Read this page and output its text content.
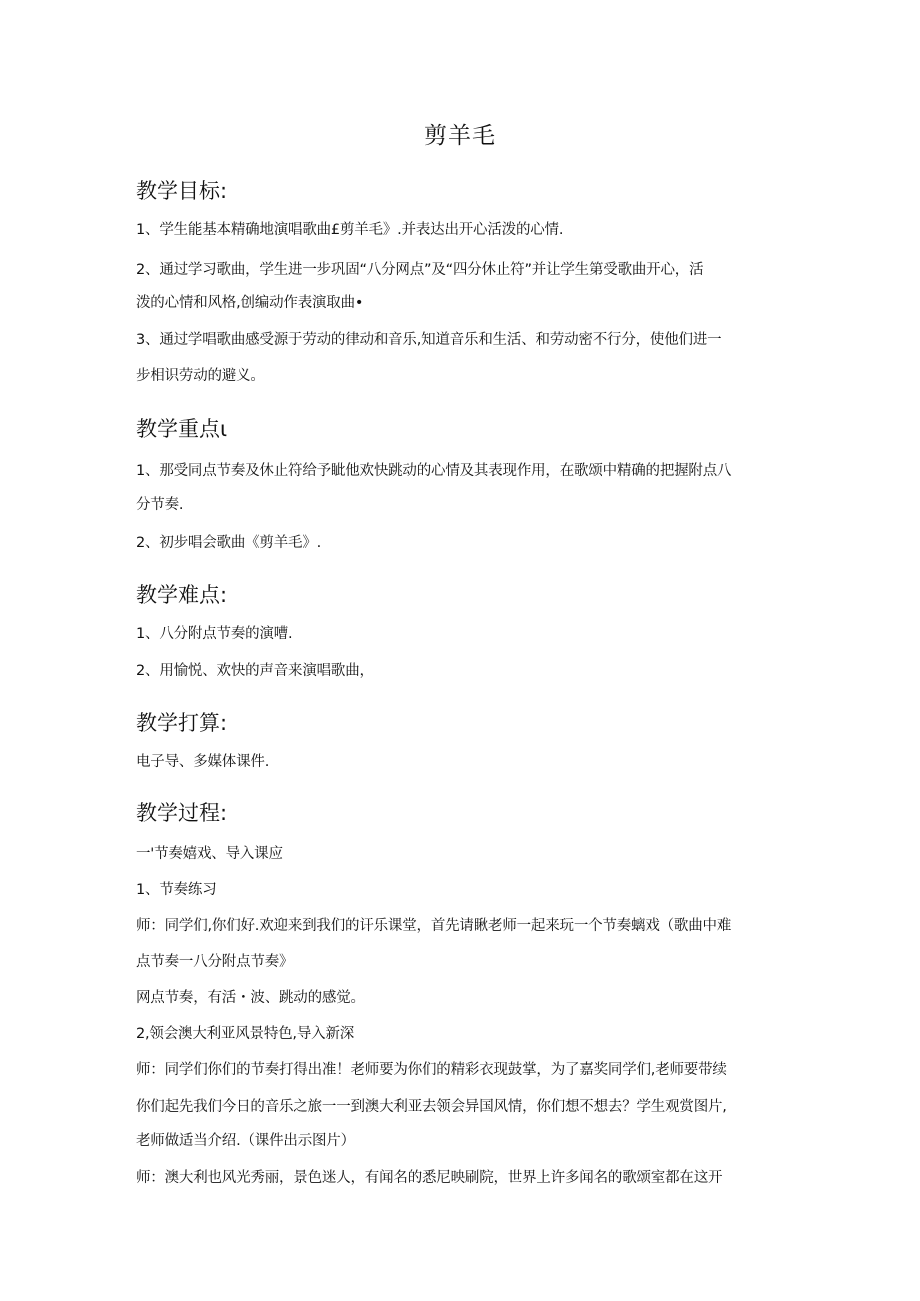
剪羊毛
教学目标:
1、学生能基本精确地演唱歌曲£剪羊毛》.并表达出开心活泼的心情.
2、通过学习歌曲，学生进一步巩固“八分网点”及“四分休止符”并让学生第受歌曲开心，活
泼的心情和风格,创编动作表演取曲•
3、通过学唱歌曲感受源于劳动的律动和音乐,知道音乐和生活、和劳动密不行分，使他们进一
步相识劳动的避义。
教学重点ι
1、那受同点节奏及休止符给予眦他欢快跳动的心情及其表现作用，在歌颂中精确的把握附点八
分节奏.
2、初步唱会歌曲《剪羊毛》.
教学难点:
1、八分附点节奏的演嘈.
2、用愉悦、欢快的声音来演唱歌曲，
教学打算:
电子导、多媒体课件.
教学过程:
一'节奏嬉戏、导入课应
1、节奏练习
师：同学们,你们好.欢迎来到我们的讦乐课堂，首先请瞅老师一起来玩一个节奏螭戏（歌曲中难
点节奏一八分附点节奏》
网点节奏，有活・波、跳动的感觉。
2,领会澳大利亚风景特色,导入新深
师：同学们你们的节奏打得出准！老师要为你们的精彩衣现鼓掌，为了嘉奖同学们,老师要带续
你们起先我们今日的音乐之旅一一到澳大利亚去领会异国风情，你们想不想去？学生观赏图片,
老师做适当介绍.（课件出示图片）
师：澳大利也风光秀丽，景色迷人，有闻名的悉尼映刷院，世界上许多闻名的歌颂室都在这开
